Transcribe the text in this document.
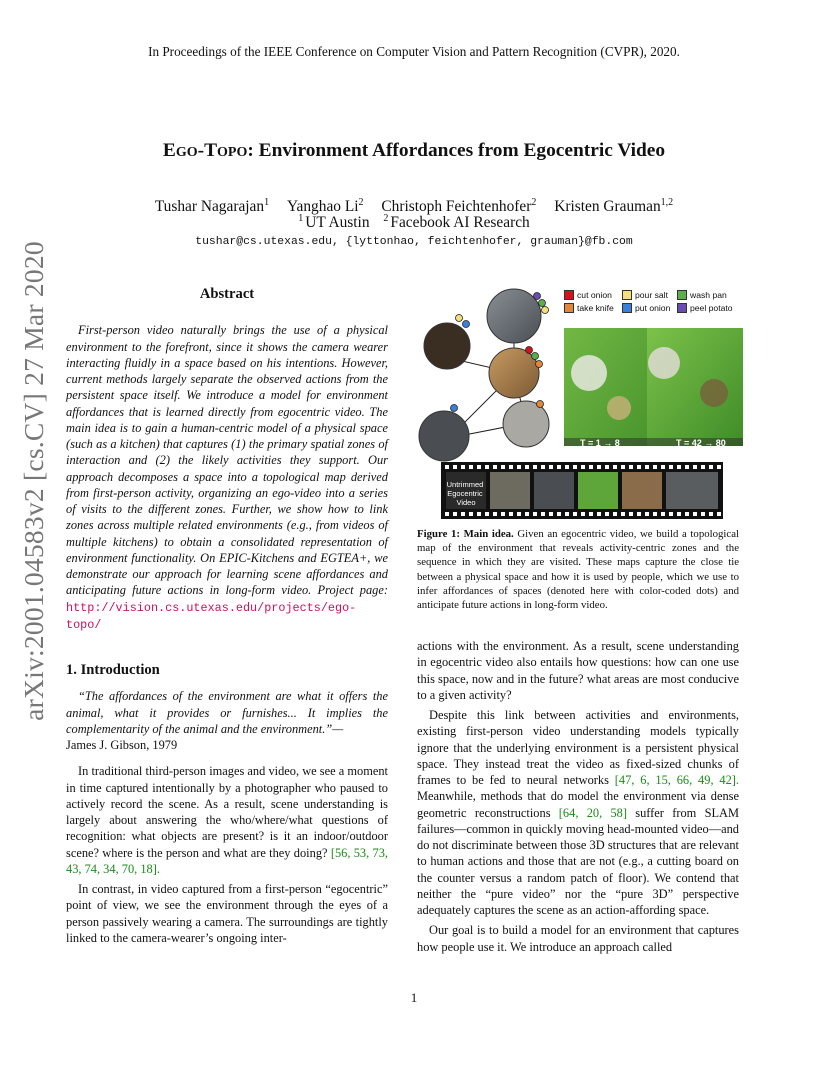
In Proceedings of the IEEE Conference on Computer Vision and Pattern Recognition (CVPR), 2020.
arXiv:2001.04583v2 [cs.CV] 27 Mar 2020
Ego-Topo: Environment Affordances from Egocentric Video
Tushar Nagarajan$^1$ Yanghao Li$^2$ Christoph Feichtenhofer$^2$ Kristen Grauman$^{1,2}$
$^1$ UT Austin $^2$ Facebook AI Research
tushar@cs.utexas.edu, {lyttonhao, feichtenhofer, grauman}@fb.com
Abstract

First-person video naturally brings the use of a physical environment to the forefront, since it shows the camera wearer interacting fluidly in a space based on his intentions. However, current methods largely separate the observed actions from the persistent space itself. We introduce a model for environment affordances that is learned directly from egocentric video. The main idea is to gain a human-centric model of a physical space (such as a kitchen) that captures (1) the primary spatial zones of interaction and (2) the likely activities they support. Our approach decomposes a space into a topological map derived from first-person activity, organizing an ego-video into a series of visits to the different zones. Further, we show how to link zones across multiple related environments (e.g., from videos of multiple kitchens) to obtain a consolidated representation of environment functionality. On EPIC-Kitchens and EGTEA+, we demonstrate our approach for learning scene affordances and anticipating future actions in long-form video. Project page: http://vision.cs.utexas.edu/projects/ego-topo/

1. Introduction

“The affordances of the environment are what it offers the animal, what it provides or furnishes... It implies the complementarity of the animal and the environment.”—

James J. Gibson, 1979

In traditional third-person images and video, we see a moment in time captured intentionally by a photographer who paused to actively record the scene. As a result, scene understanding is largely about answering the who/where/what questions of recognition: what objects are present? is it an indoor/outdoor scene? where is the person and what are they doing? [56, 53, 73, 43, 74, 34, 70, 18].

In contrast, in video captured from a first-person “egocentric” point of view, we see the environment through the eyes of a person passively wearing a camera. The surroundings are tightly linked to the camera-wearer’s ongoing inter-

T = 1 → 8	T = 42 → 80
Untrimmed Egocentric Video
cut onion	pour salt	wash pan
take knife put onion peel potato
Figure 1: Main idea. Given an egocentric video, we build a topological map of the environment that reveals activity-centric zones and the sequence in which they are visited. These maps capture the close tie between a physical space and how it is used by people, which we use to infer affordances of spaces (denoted here with color-coded dots) and anticipate future actions in long-form video.

actions with the environment. As a result, scene understanding in egocentric video also entails how questions: how can one use this space, now and in the future? what areas are most conducive to a given activity?

Despite this link between activities and environments, existing first-person video understanding models typically ignore that the underlying environment is a persistent physical space. They instead treat the video as fixed-sized chunks of frames to be fed to neural networks [47, 6, 15, 66, 49, 42]. Meanwhile, methods that do model the environment via dense geometric reconstructions [64, 20, 58] suffer from SLAM failures—common in quickly moving head-mounted video—and do not discriminate between those 3D structures that are relevant to human actions and those that are not (e.g., a cutting board on the counter versus a random patch of floor). We contend that neither the “pure video” nor the “pure 3D” perspective adequately captures the scene as an action-affording space.

Our goal is to build a model for an environment that captures how people use it. We introduce an approach called

1
